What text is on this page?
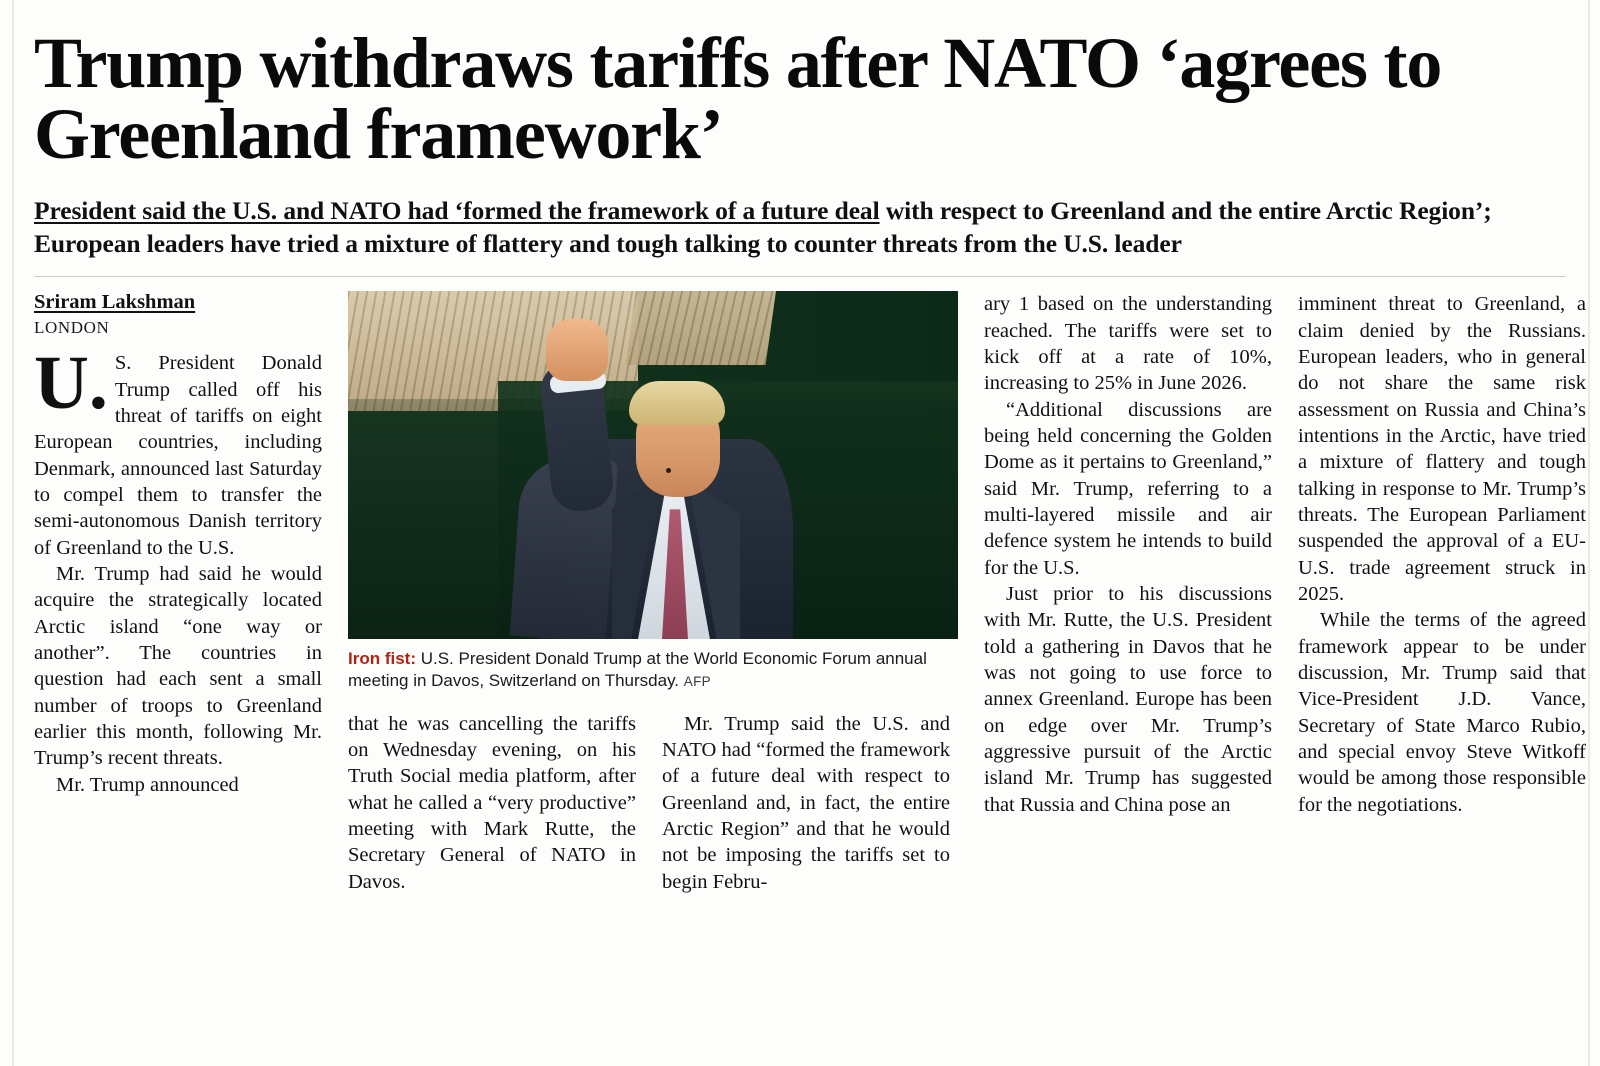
Trump withdraws tariffs after NATO ‘agrees to Greenland framework’
President said the U.S. and NATO had ‘formed the framework of a future deal with respect to Greenland and the entire Arctic Region’; European leaders have tried a mixture of flattery and tough talking to counter threats from the U.S. leader
Sriram Lakshman
LONDON

U.S. President Donald Trump called off his threat of tariffs on eight European countries, including Denmark, announced last Saturday to compel them to transfer the semi-autonomous Danish territory of Greenland to the U.S.

Mr. Trump had said he would acquire the strategically located Arctic island “one way or another”. The countries in question had each sent a small number of troops to Greenland earlier this month, following Mr. Trump’s recent threats.

Mr. Trump announced

Iron fist: U.S. President Donald Trump at the World Economic Forum annual meeting in Davos, Switzerland on Thursday. AFP

that he was cancelling the tariffs on Wednesday evening, on his Truth Social media platform, after what he called a “very productive” meeting with Mark Rutte, the Secretary General of NATO in Davos.

Mr. Trump said the U.S. and NATO had “formed the framework of a future deal with respect to Greenland and, in fact, the entire Arctic Region” and that he would not be imposing the tariffs set to begin Febru-

ary 1 based on the understanding reached. The tariffs were set to kick off at a rate of 10%, increasing to 25% in June 2026.

“Additional discussions are being held concerning the Golden Dome as it pertains to Greenland,” said Mr. Trump, referring to a multi-layered missile and air defence system he intends to build for the U.S.

Just prior to his discussions with Mr. Rutte, the U.S. President told a gathering in Davos that he was not going to use force to annex Greenland. Europe has been on edge over Mr. Trump’s aggressive pursuit of the Arctic island Mr. Trump has suggested that Russia and China pose an

imminent threat to Greenland, a claim denied by the Russians. European leaders, who in general do not share the same risk assessment on Russia and China’s intentions in the Arctic, have tried a mixture of flattery and tough talking in response to Mr. Trump’s threats. The European Parliament suspended the approval of a EU-U.S. trade agreement struck in 2025.

While the terms of the agreed framework appear to be under discussion, Mr. Trump said that Vice-President J.D. Vance, Secretary of State Marco Rubio, and special envoy Steve Witkoff would be among those responsible for the negotiations.
